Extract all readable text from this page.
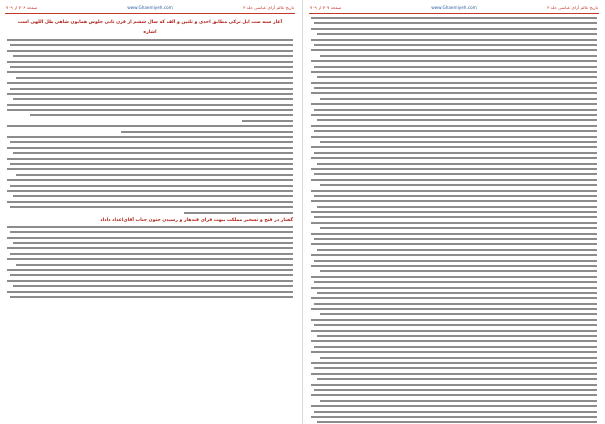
صفحه ۷۰۶ از ۷۰۹	www.Ghaemiyeh.com	تاریخ عالم آرای عباسی جلد ۳
آغاز سنه ست ایل ترکی مطابق احدی و ثلثین و الف که سال ششم از قرن ثانی جلوس همایون شاهی ظل اللهی است
اشاره
گفتار در فتح و تسخیر مملکت بیهت فرای قندهار و رسیدن جنون جناب آقای‌اعداد داداد
صفحه ۷۰۷ از ۷۰۹	www.Ghaemiyeh.com	تاریخ عالم آرای عباسی جلد ۳
